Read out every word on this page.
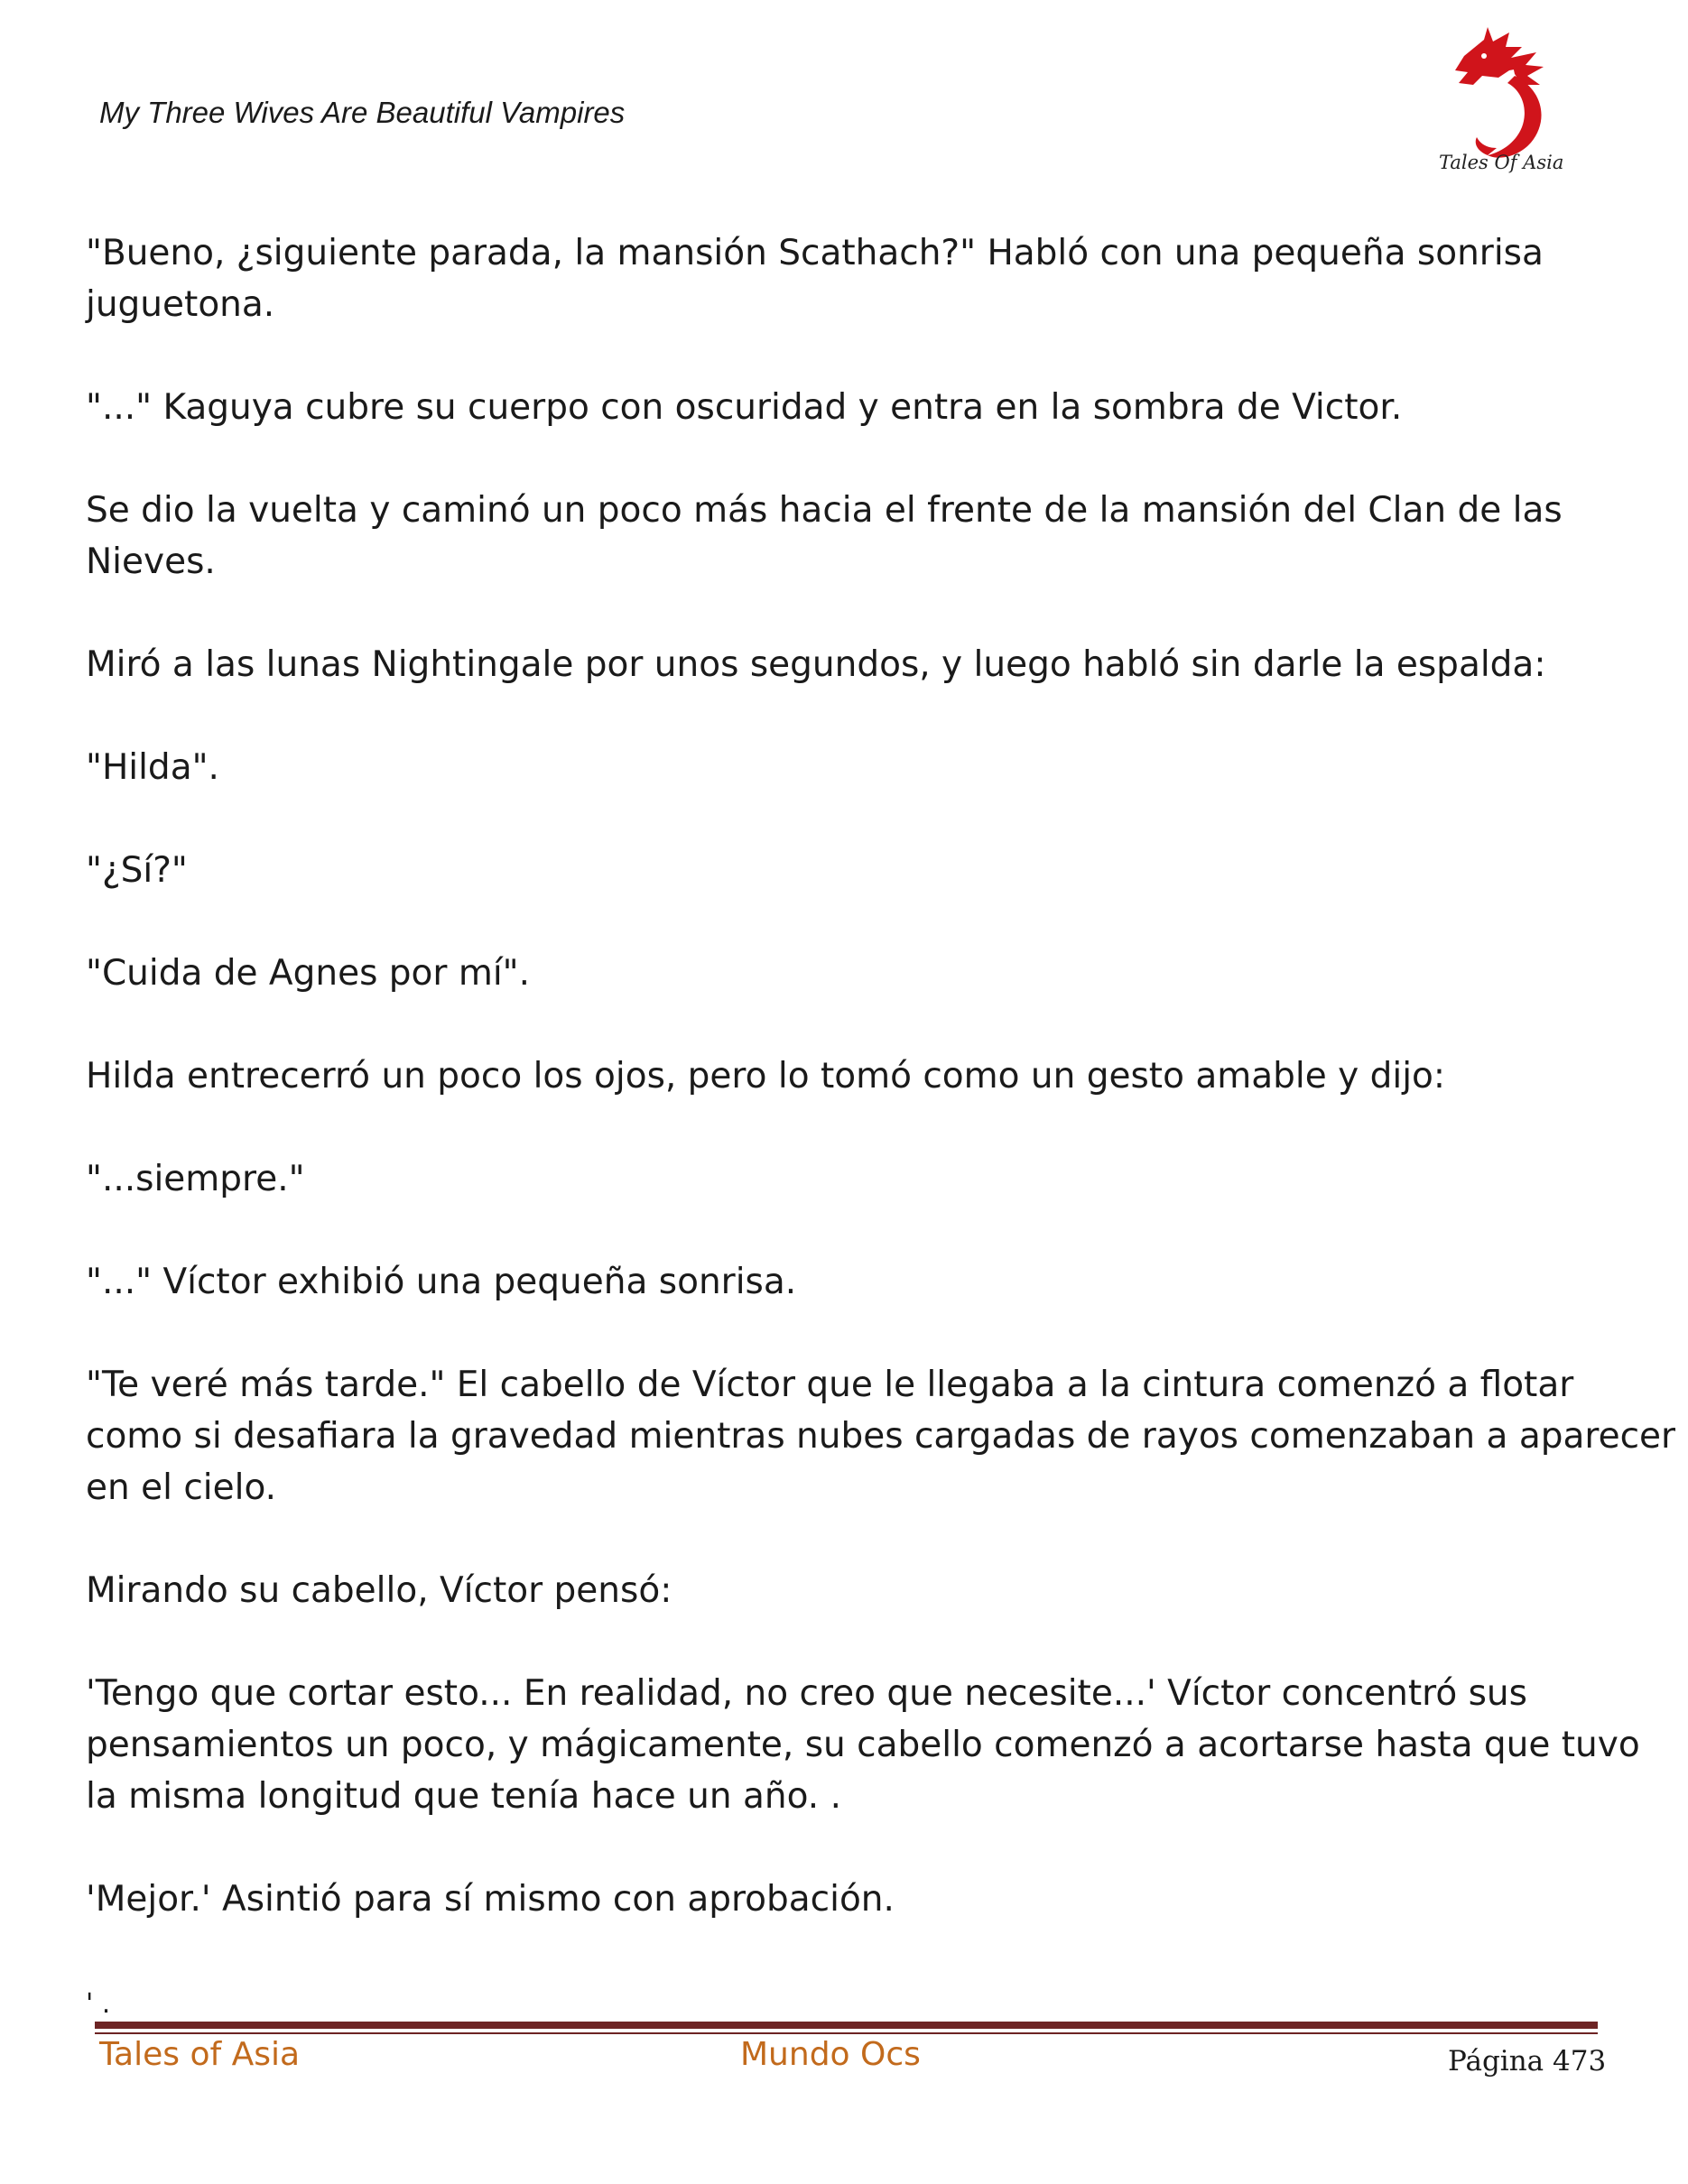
My Three Wives Are Beautiful Vampires
Tales Of Asia

"Bueno, ¿siguiente parada, la mansión Scathach?" Habló con una pequeña sonrisa
juguetona.

"..." Kaguya cubre su cuerpo con oscuridad y entra en la sombra de Victor.

Se dio la vuelta y caminó un poco más hacia el frente de la mansión del Clan de las
Nieves.

Miró a las lunas Nightingale por unos segundos, y luego habló sin darle la espalda:

"Hilda".

"¿Sí?"

"Cuida de Agnes por mí".

Hilda entrecerró un poco los ojos, pero lo tomó como un gesto amable y dijo:

"...siempre."

"..." Víctor exhibió una pequeña sonrisa.

"Te veré más tarde." El cabello de Víctor que le llegaba a la cintura comenzó a flotar
como si desafiara la gravedad mientras nubes cargadas de rayos comenzaban a aparecer
en el cielo.

Mirando su cabello, Víctor pensó:

'Tengo que cortar esto... En realidad, no creo que necesite...' Víctor concentró sus
pensamientos un poco, y mágicamente, su cabello comenzó a acortarse hasta que tuvo
la misma longitud que tenía hace un año. .

'Mejor.' Asintió para sí mismo con aprobación.

' .
Tales of Asia	Mundo Ocs	Página 473
